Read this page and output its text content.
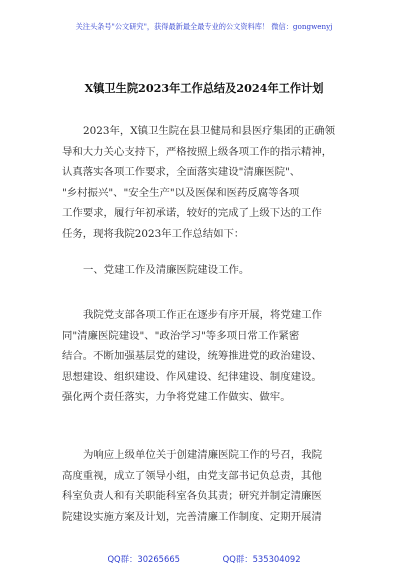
关注头条号"公文研究"，获得最新最全最专业的公文资料库！ 微信：gongwenyj
X镇卫生院2023年工作总结及2024年工作计划
2023年，X镇卫生院在县卫健局和县医疗集团的正确领
导和大力关心支持下，严格按照上级各项工作的指示精神，
认真落实各项工作要求，全面落实建设"清廉医院"、
"乡村振兴"、"安全生产"以及医保和医药反腐等各项
工作要求，履行年初承诺，较好的完成了上级下达的工作
任务，现将我院2023年工作总结如下：
一、党建工作及清廉医院建设工作。
我院党支部各项工作正在逐步有序开展，将党建工作
同"清廉医院建设"、"政治学习"等多项日常工作紧密
结合。不断加强基层党的建设，统筹推进党的政治建设、
思想建设、组织建设、作风建设、纪律建设、制度建设。
强化两个责任落实，力争将党建工作做实、做牢。
为响应上级单位关于创建清廉医院工作的号召，我院
高度重视，成立了领导小组，由党支部书记负总责，其他
科室负责人和有关职能科室各负其责；研究并制定清廉医
院建设实施方案及计划，完善清廉工作制度、定期开展清
QQ群：30265665	QQ群：535304092
